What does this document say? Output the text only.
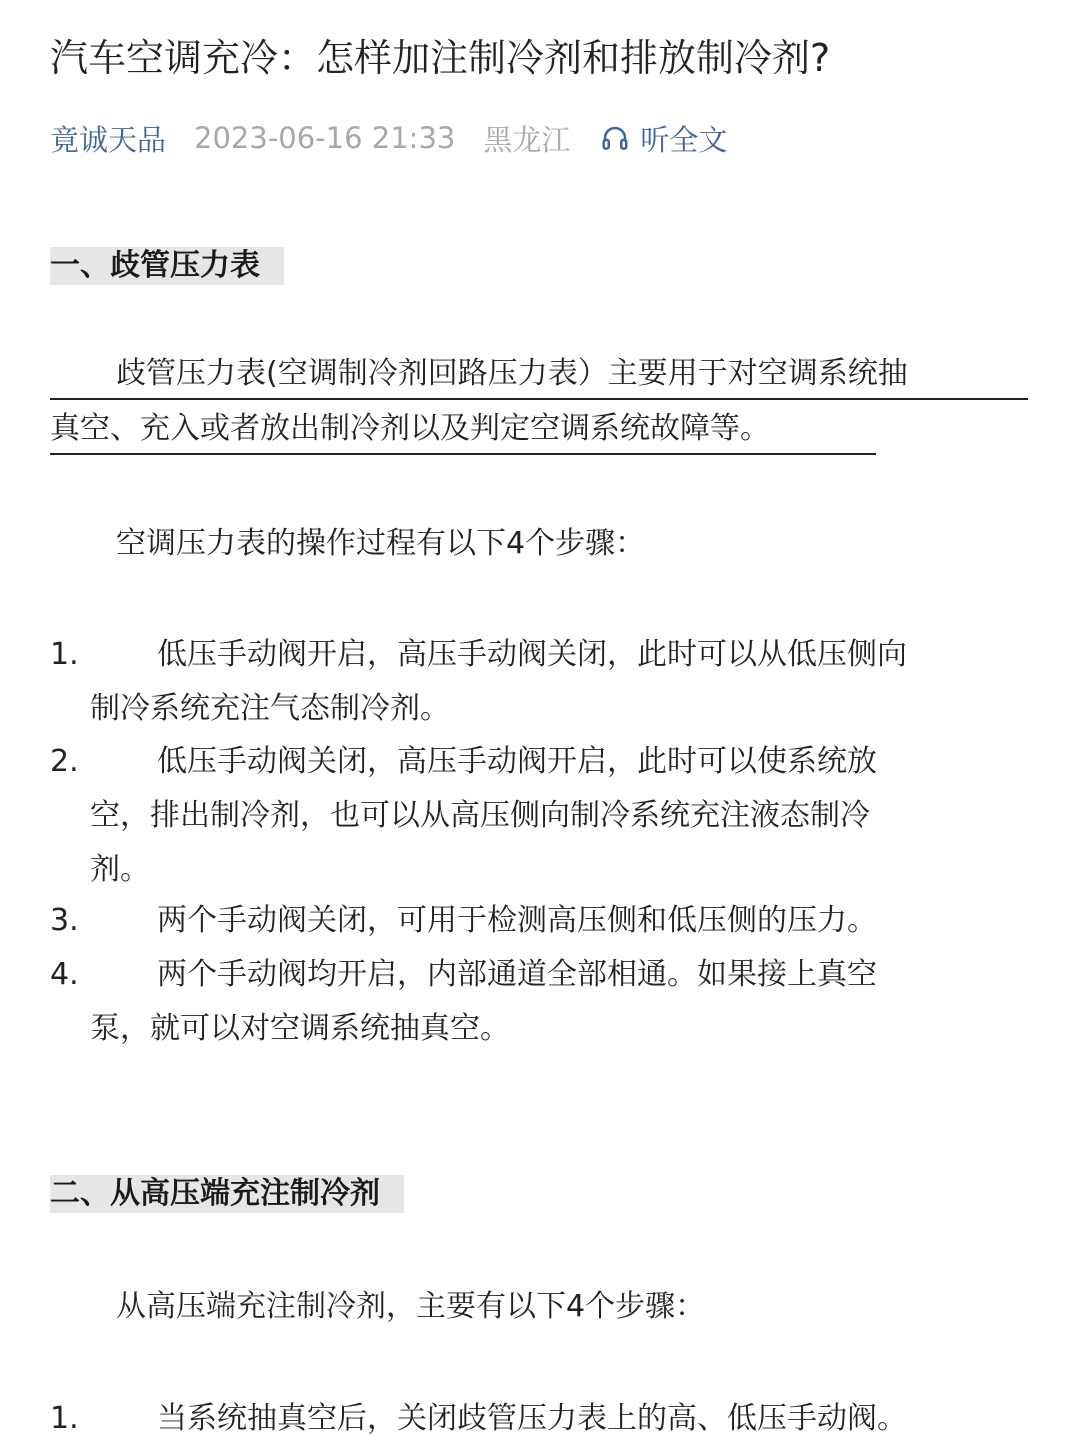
汽车空调充冷：怎样加注制冷剂和排放制冷剂?
竟诚天品 2023-06-16 21:33 黑龙江 听全文
一、歧管压力表
歧管压力表(空调制冷剂回路压力表）主要用于对空调系统抽
真空、充入或者放出制冷剂以及判定空调系统故障等。
空调压力表的操作过程有以下4个步骤：
1.	低压手动阀开启，高压手动阀关闭，此时可以从低压侧向
制冷系统充注气态制冷剂。
2.	低压手动阀关闭，高压手动阀开启，此时可以使系统放
空，排出制冷剂，也可以从高压侧向制冷系统充注液态制冷
剂。
3.	两个手动阀关闭，可用于检测高压侧和低压侧的压力。
4.	两个手动阀均开启，内部通道全部相通。如果接上真空
泵，就可以对空调系统抽真空。
二、从高压端充注制冷剂
从高压端充注制冷剂，主要有以下4个步骤：
1.	当系统抽真空后，关闭歧管压力表上的高、低压手动阀。
